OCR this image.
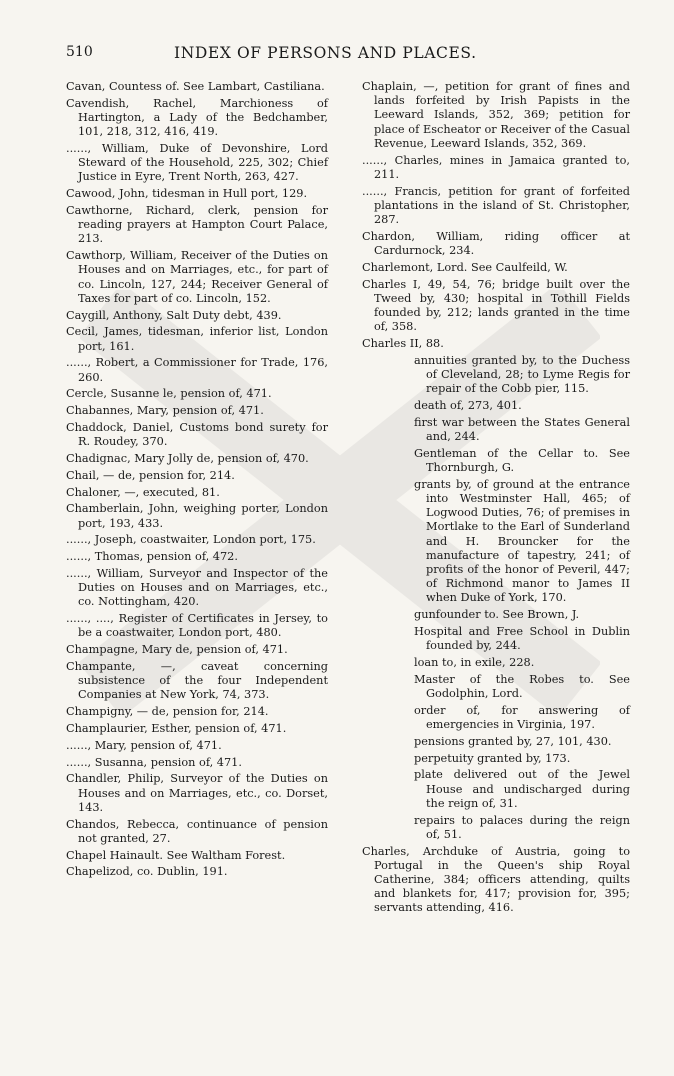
510	INDEX OF PERSONS AND PLACES.

Cavan, Countess of. See Lambart, Castiliana.

Cavendish, Rachel, Marchioness of Hartington, a Lady of the Bedchamber, 101, 218, 312, 416, 419.

......, William, Duke of Devonshire, Lord Steward of the Household, 225, 302; Chief Justice in Eyre, Trent North, 263, 427.

Cawood, John, tidesman in Hull port, 129.

Cawthorne, Richard, clerk, pension for reading prayers at Hampton Court Palace, 213.

Cawthorp, William, Receiver of the Duties on Houses and on Marriages, etc., for part of co. Lincoln, 127, 244; Receiver General of Taxes for part of co. Lincoln, 152.

Caygill, Anthony, Salt Duty debt, 439.

Cecil, James, tidesman, inferior list, London port, 161.

......, Robert, a Commissioner for Trade, 176, 260.

Cercle, Susanne le, pension of, 471.

Chabannes, Mary, pension of, 471.

Chaddock, Daniel, Customs bond surety for R. Roudey, 370.

Chadignac, Mary Jolly de, pension of, 470.

Chail, — de, pension for, 214.

Chaloner, —, executed, 81.

Chamberlain, John, weighing porter, London port, 193, 433.

......, Joseph, coastwaiter, London port, 175.

......, Thomas, pension of, 472.

......, William, Surveyor and Inspector of the Duties on Houses and on Marriages, etc., co. Nottingham, 420.

......, ...., Register of Certificates in Jersey, to be a coastwaiter, London port, 480.

Champagne, Mary de, pension of, 471.

Champante, —, caveat concerning subsistence of the four Independent Companies at New York, 74, 373.

Champigny, — de, pension for, 214.

Champlaurier, Esther, pension of, 471.

......, Mary, pension of, 471.

......, Susanna, pension of, 471.

Chandler, Philip, Surveyor of the Duties on Houses and on Marriages, etc., co. Dorset, 143.

Chandos, Rebecca, continuance of pension not granted, 27.

Chapel Hainault. See Waltham Forest.

Chapelizod, co. Dublin, 191.

Chaplain, —, petition for grant of fines and lands forfeited by Irish Papists in the Leeward Islands, 352, 369; petition for place of Escheator or Receiver of the Casual Revenue, Leeward Islands, 352, 369.

......, Charles, mines in Jamaica granted to, 211.

......, Francis, petition for grant of forfeited plantations in the island of St. Christopher, 287.

Chardon, William, riding officer at Cardurnock, 234.

Charlemont, Lord. See Caulfeild, W.

Charles I, 49, 54, 76; bridge built over the Tweed by, 430; hospital in Tothill Fields founded by, 212; lands granted in the time of, 358.

Charles II, 88.

annuities granted by, to the Duchess of Cleveland, 28; to Lyme Regis for repair of the Cobb pier, 115.

death of, 273, 401.

first war between the States General and, 244.

Gentleman of the Cellar to. See Thornburgh, G.

grants by, of ground at the entrance into Westminster Hall, 465; of Logwood Duties, 76; of premises in Mortlake to the Earl of Sunderland and H. Brouncker for the manufacture of tapestry, 241; of profits of the honor of Peveril, 447; of Richmond manor to James II when Duke of York, 170.

gunfounder to. See Brown, J.

Hospital and Free School in Dublin founded by, 244.

loan to, in exile, 228.

Master of the Robes to. See Godolphin, Lord.

order of, for answering of emergencies in Virginia, 197.

pensions granted by, 27, 101, 430.

perpetuity granted by, 173.

plate delivered out of the Jewel House and undischarged during the reign of, 31.

repairs to palaces during the reign of, 51.

Charles, Archduke of Austria, going to Portugal in the Queen's ship Royal Catherine, 384; officers attending, quilts and blankets for, 417; provision for, 395; servants attending, 416.
